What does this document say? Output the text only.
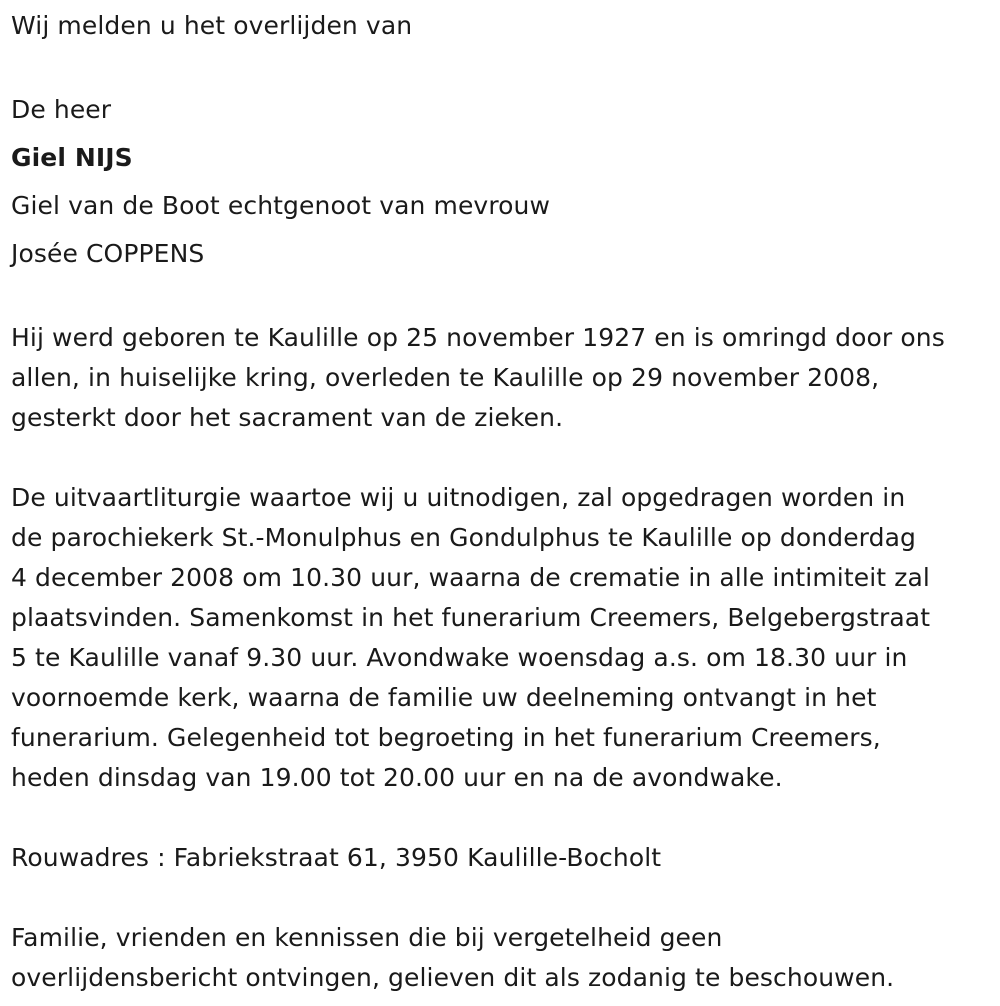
Wij melden u het overlijden van

De heer

Giel NIJS

Giel van de Boot echtgenoot van mevrouw

Josée COPPENS

Hij werd geboren te Kaulille op 25 november 1927 en is omringd door ons

allen, in huiselijke kring, overleden te Kaulille op 29 november 2008,

gesterkt door het sacrament van de zieken.

De uitvaartliturgie waartoe wij u uitnodigen, zal opgedragen worden in

de parochiekerk St.-Monulphus en Gondulphus te Kaulille op donderdag

4 december 2008 om 10.30 uur, waarna de crematie in alle intimiteit zal

plaatsvinden. Samenkomst in het funerarium Creemers, Belgebergstraat

5 te Kaulille vanaf 9.30 uur. Avondwake woensdag a.s. om 18.30 uur in

voornoemde kerk, waarna de familie uw deelneming ontvangt in het

funerarium. Gelegenheid tot begroeting in het funerarium Creemers,

heden dinsdag van 19.00 tot 20.00 uur en na de avondwake.

Rouwadres : Fabriekstraat 61, 3950 Kaulille-Bocholt

Familie, vrienden en kennissen die bij vergetelheid geen

overlijdensbericht ontvingen, gelieven dit als zodanig te beschouwen.
